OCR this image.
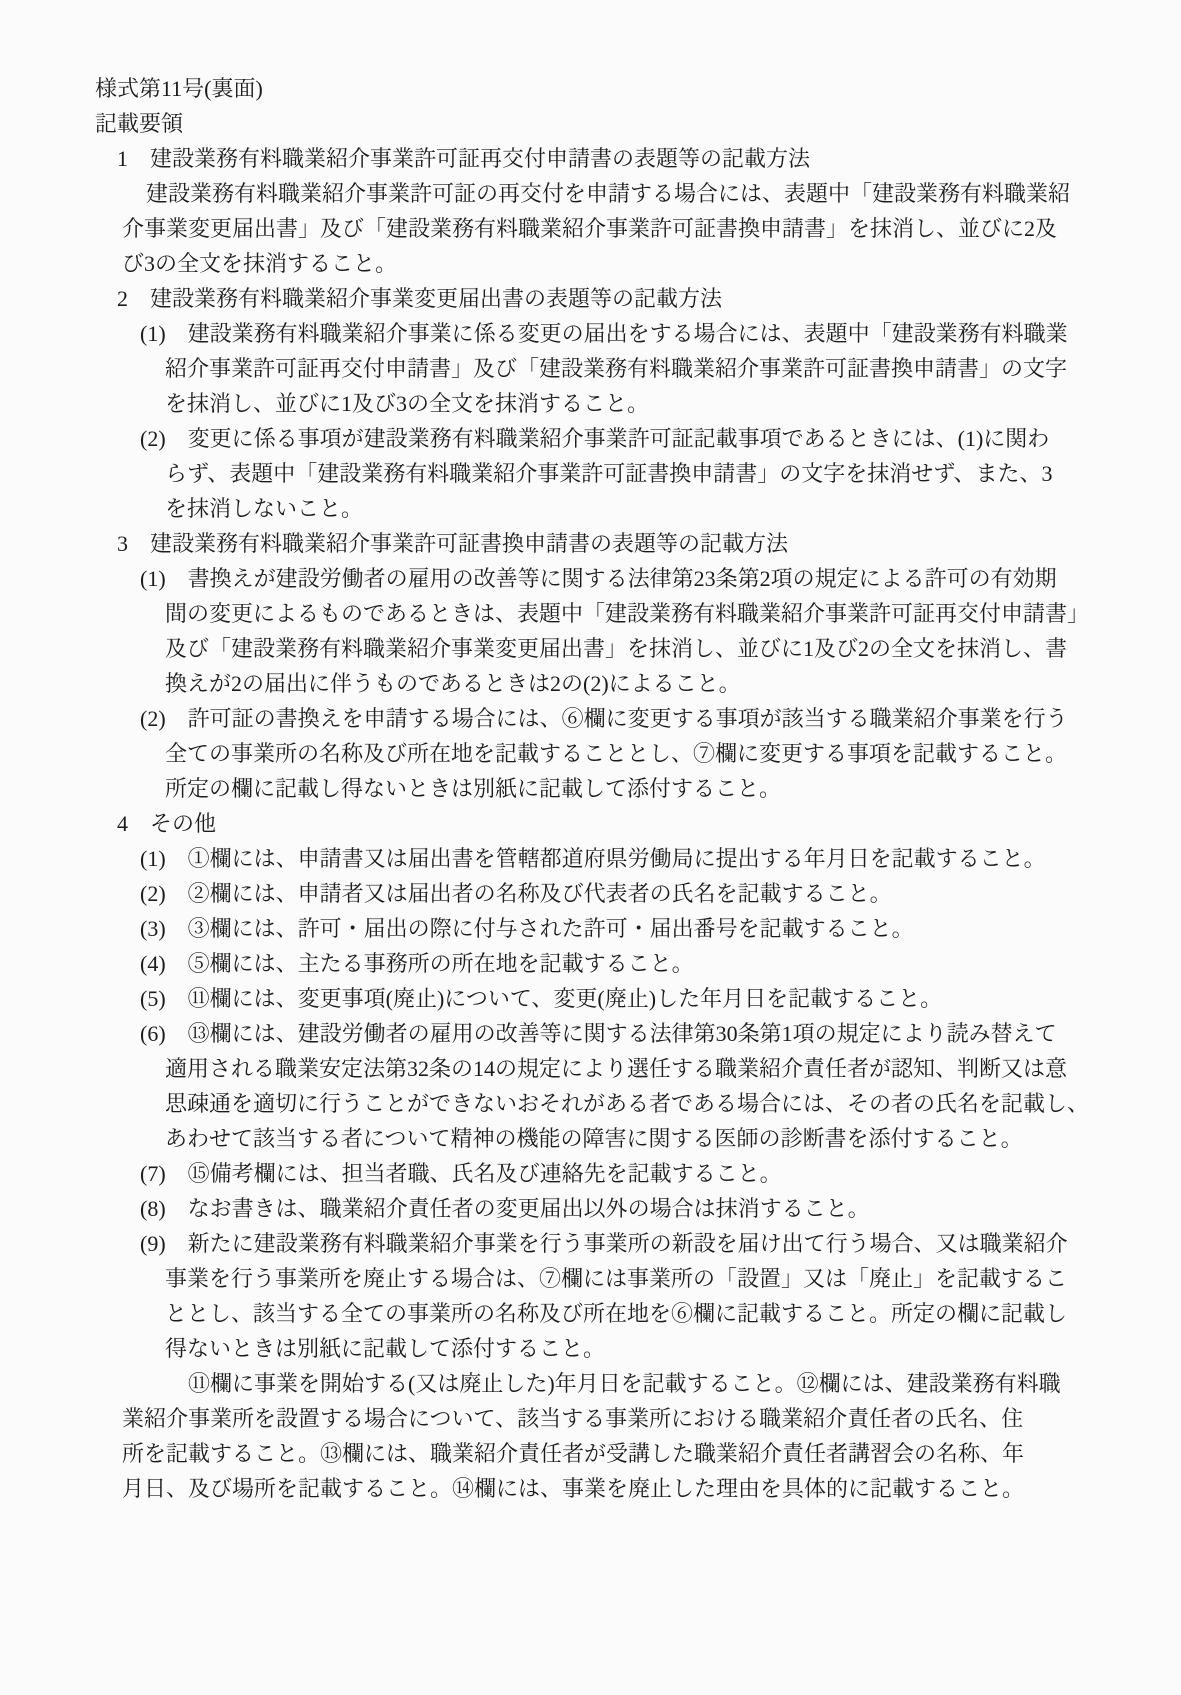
様式第11号(裏面)
記載要領
1　建設業務有料職業紹介事業許可証再交付申請書の表題等の記載方法
建設業務有料職業紹介事業許可証の再交付を申請する場合には、表題中「建設業務有料職業紹
介事業変更届出書」及び「建設業務有料職業紹介事業許可証書換申請書」を抹消し、並びに2及
び3の全文を抹消すること。
2　建設業務有料職業紹介事業変更届出書の表題等の記載方法
(1)　建設業務有料職業紹介事業に係る変更の届出をする場合には、表題中「建設業務有料職業
紹介事業許可証再交付申請書」及び「建設業務有料職業紹介事業許可証書換申請書」の文字
を抹消し、並びに1及び3の全文を抹消すること。
(2)　変更に係る事項が建設業務有料職業紹介事業許可証記載事項であるときには、(1)に関わ
らず、表題中「建設業務有料職業紹介事業許可証書換申請書」の文字を抹消せず、また、3
を抹消しないこと。
3　建設業務有料職業紹介事業許可証書換申請書の表題等の記載方法
(1)　書換えが建設労働者の雇用の改善等に関する法律第23条第2項の規定による許可の有効期
間の変更によるものであるときは、表題中「建設業務有料職業紹介事業許可証再交付申請書」
及び「建設業務有料職業紹介事業変更届出書」を抹消し、並びに1及び2の全文を抹消し、書
換えが2の届出に伴うものであるときは2の(2)によること。
(2)　許可証の書換えを申請する場合には、⑥欄に変更する事項が該当する職業紹介事業を行う
全ての事業所の名称及び所在地を記載することとし、⑦欄に変更する事項を記載すること。
所定の欄に記載し得ないときは別紙に記載して添付すること。
4　その他
(1)　①欄には、申請書又は届出書を管轄都道府県労働局に提出する年月日を記載すること。
(2)　②欄には、申請者又は届出者の名称及び代表者の氏名を記載すること。
(3)　③欄には、許可・届出の際に付与された許可・届出番号を記載すること。
(4)　⑤欄には、主たる事務所の所在地を記載すること。
(5)　⑪欄には、変更事項(廃止)について、変更(廃止)した年月日を記載すること。
(6)　⑬欄には、建設労働者の雇用の改善等に関する法律第30条第1項の規定により読み替えて
適用される職業安定法第32条の14の規定により選任する職業紹介責任者が認知、判断又は意
思疎通を適切に行うことができないおそれがある者である場合には、その者の氏名を記載し、
あわせて該当する者について精神の機能の障害に関する医師の診断書を添付すること。
(7)　⑮備考欄には、担当者職、氏名及び連絡先を記載すること。
(8)　なお書きは、職業紹介責任者の変更届出以外の場合は抹消すること。
(9)　新たに建設業務有料職業紹介事業を行う事業所の新設を届け出て行う場合、又は職業紹介
事業を行う事業所を廃止する場合は、⑦欄には事業所の「設置」又は「廃止」を記載するこ
ととし、該当する全ての事業所の名称及び所在地を⑥欄に記載すること。所定の欄に記載し
得ないときは別紙に記載して添付すること。
⑪欄に事業を開始する(又は廃止した)年月日を記載すること。⑫欄には、建設業務有料職
業紹介事業所を設置する場合について、該当する事業所における職業紹介責任者の氏名、住
所を記載すること。⑬欄には、職業紹介責任者が受講した職業紹介責任者講習会の名称、年
月日、及び場所を記載すること。⑭欄には、事業を廃止した理由を具体的に記載すること。
